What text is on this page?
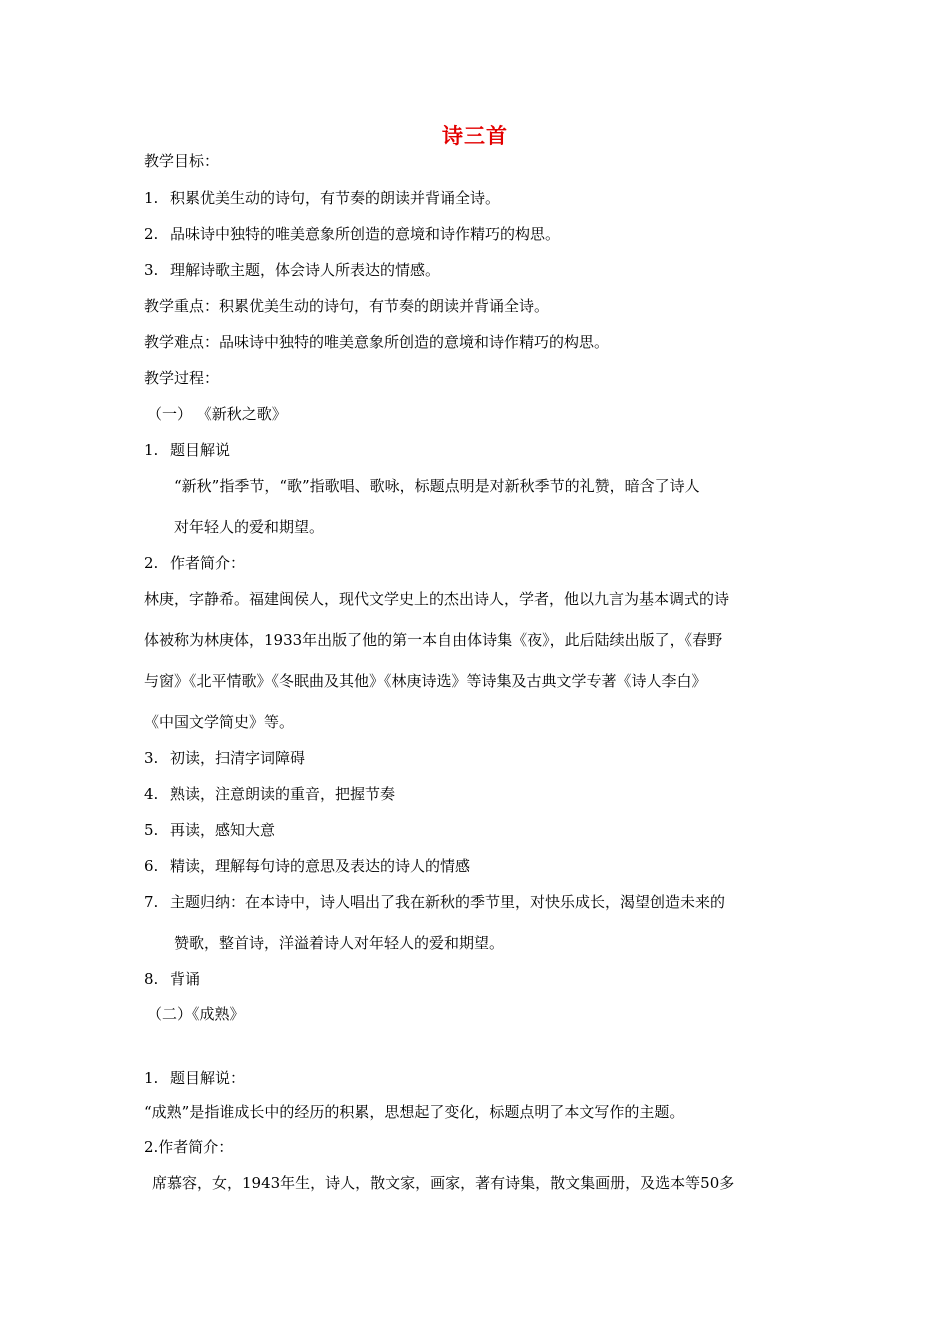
诗三首
教学目标：
1. 积累优美生动的诗句，有节奏的朗读并背诵全诗。
2. 品味诗中独特的唯美意象所创造的意境和诗作精巧的构思。
3. 理解诗歌主题，体会诗人所表达的情感。
教学重点：积累优美生动的诗句，有节奏的朗读并背诵全诗。
教学难点：品味诗中独特的唯美意象所创造的意境和诗作精巧的构思。
教学过程：
（一） 《新秋之歌》
1. 题目解说
“新秋”指季节，“歌”指歌唱、歌咏，标题点明是对新秋季节的礼赞，暗含了诗人
对年轻人的爱和期望。
2. 作者简介：
林庚，字静希。福建闽侯人，现代文学史上的杰出诗人，学者，他以九言为基本调式的诗
体被称为林庚体，1933年出版了他的第一本自由体诗集《夜》，此后陆续出版了，《春野
与窗》《北平情歌》《冬眠曲及其他》《林庚诗选》等诗集及古典文学专著《诗人李白》
《中国文学简史》等。
3. 初读，扫清字词障碍
4. 熟读，注意朗读的重音，把握节奏
5. 再读，感知大意
6. 精读，理解每句诗的意思及表达的诗人的情感
7. 主题归纳：在本诗中，诗人唱出了我在新秋的季节里，对快乐成长，渴望创造未来的
赞歌，整首诗，洋溢着诗人对年轻人的爱和期望。
8. 背诵
（二）《成熟》
1. 题目解说：
“成熟”是指谁成长中的经历的积累，思想起了变化，标题点明了本文写作的主题。
2.作者简介：
席慕容，女，1943年生，诗人，散文家，画家，著有诗集，散文集画册，及选本等50多
